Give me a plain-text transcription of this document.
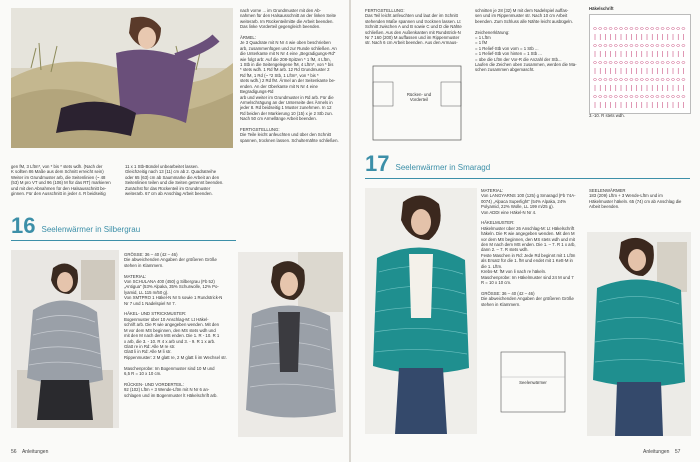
nach vorne ... im Grundmuster mit den Ab-
nahmen für den Halsausschnitt an der linken Seite
weiterarb. Im Rückenteilmitte die Arbeit beenden.
Das linke Vorderteil gegengleich beenden.

ÄRMEL:
Je 3 Quadrate mit N Nr 4 wie oben beschrieben
arb, zusammenfügen und zur Runde schließen. An
die Unterkante mit N Nr 4 eine „Begradigungs-Rd“
wie folgt arb: Auf die 208-Spitzen * 1 fM, 4 Lftm,
1 Stb in die Seitengelegene fM, 4 Lftm*, von * bis
* stets wdh. 1 Rd fM arb. 12 Rd Grundmuster 2
Rd fM, 1 Rd (~ *2 Stb, 1 Lftm*, von * bis *
stets wdh.) 2 Rd fM. Ärmel an der Seitenkante be-
enden. An der Oberkante mit N Nr 4 eine Begradigungs-Rd
arb und weiter im Grundmuster in Rd arb. Für die
Armelschrägung an der Unterseite des Ärmels in
jeder 8. Rd beidseitig 1 Muster zunehmen. In 12
Rd beiden der Markierung 10 (15) x je 2 Stb zun.
Nach 50 cm Armellänge Arbeit beenden.

FERTIGSTELLUNG:
Die Teile leicht anfeuchten und über den Schnitt
spannen, trocknen lassen. Schulternähte schließen.
gen fM, 3 Lftm*, von * bis * stets wdh. (Nach der
K sollten 86 Maße aus dem Schnitt erreicht sein)
Weiter im Grundmuster arb, die Seitenlinien (~ 48
(53) M pro VT und 96 (106) M für das RT) markieren
und mit den Abnahmen für den Halsausschnitt be-
ginnen. Für den Ausschnitt in jeder 4. R beidseitig
11 x 1 Stb-Bündel unbearbeitet lassen.
Gleichzeitig nach 13 (11) cm ab 2. Quadratreihe
oder 65 (63) cm ab Saummarke die Arbeit an den
Seitenlinien teilen und die Seiten getrennt beenden.
Zunächst für das Rückenteil im Grundmuster
weiterarb. 67 cm ab Anschlag Arbeit beenden.
16 Seelenwärmer in Silbergrau
GRÖSSE: 36 – 40 (42 – 46)
Die abweichenden Angaben der größeren Größe
stehen in Klammern.

MATERIAL:
Von SCHULANA 400 (450) g Silbergrau (Fb 52)
„Antigua“ (53% Alpaka, 35% Schurwolle, 12% Po-
lyamid, LL 115 m/50 g).
Von XMTPRO 1 Häkel-N Nr 5 sowie 1 Rundstrick-N
Nr 7 und 1 Nadelspiel Nr 7.

HÄKEL- UND STRICKMUSTER:
Bogenmuster über 10 Anschlag-M: Lt Häkel-
schrift arb. Die R wie angegeben wenden. Mit den
M vor dem MS beginnen, den MS stets wdh und
mit den M nach dem MS enden. Die 1. R - 10. R 1
x arb, die 3. - 10. R 4 x arb und 3. - 9. R 1 x arb.
Glatt re in Rd: Alle M re str.
Glatt li in Rd: Alle M li str.
Rippenmuster: 2 M glatt re, 2 M glatt li im Wechsel str.

Maschenprobe: Im Bogenmuster sind 10 M und
6,5 R = 10 x 10 cm.

RÜCKEN- UND VORDERTEIL:
92 (102) Lftm + 3 Wende-Lftm mit N Nr 6 an-
schlagen und im Bogenmuster lt Häkelschrift arb.
56 Anleitungen
FERTIGSTELLUNG:
Das Teil leicht anfeuchten und laut der im Schnitt
stehenden Maße spannen und trocknen lassen. Lt
Schnitt zwischen A und B sowie C und D die Nähte
schließen. Aus den Außenkanten mit Rundstrick-N
Nr 7 160 (200) M auffassen und im Rippenmuster
str. Nach 6 cm Arbeit beenden. Aus den Armaus-
schnitten je 28 (32) M mit dem Nadelspiel auffas-
sen und im Rippenmuster str. Nach 10 cm Arbeit
beenden. Zum Schluss alle Nähte leicht ausbügeln.

Zeichenerklärung:
= 1 Lftm
= 1 fM
= 1 Relief-Stb von vorn = 1 Stb ...
= 1 Relief-Stb von hinten = 1 Stb ...
= übe die Lftm der Vor-R die Anzahl der Stb...
Laufen die Zeichen oben zusammen, werden die Ma-
schen zusammen abgemascht.
Rücken- und
Vorderteil
Häkelschrift
3.-10. R stets wdh.
17 Seelenwärmer in Smaragd
MATERIAL:
Von LANGYARNS 100 (125) g Smaragd (Fb 74A-
0074) „Alpaca Superlight“ (54% Alpaka, 24%
Polyamid, 22% Wolle, LL 199 m/25 g).
Von ADDI eine Häkel-N Nr 4.

HÄKELMUSTER:
Häkelmuster über 26 Anschlag-M: Lt Häkelschrift
häkeln. Die R wie angegeben wenden. Mit den M
vor dem MS beginnen, den MS stets wdh und mit
den M nach dem MS enden. Die 1. – 7. R 1 x arb,
dann 2. – 7. R stets wdh.
Feste Maschen in Rd: Jede Rd beginnt mit 1 Lftm
als Ersatz für die 1. fM und endet mit 1 Kett-M in
die 1. Lftm.
Krebs-M: fM von li nach re häkeln.
Maschenprobe: Im Häkelmuster sind 24 M und 7
R = 10 x 10 cm.

GRÖSSE: 36 – 40 (42 – 46)
Die abweichenden Angaben der größeren Größe
stehen in Klammern.
Seelenwärmer
SEELENWÄRMER
183 (209) Lftm + 3 Wende-Lftm und im
Häkelmuster häkeln. 65 (74) cm ab Anschlag die
Arbeit beenden.
Anleitungen 57
